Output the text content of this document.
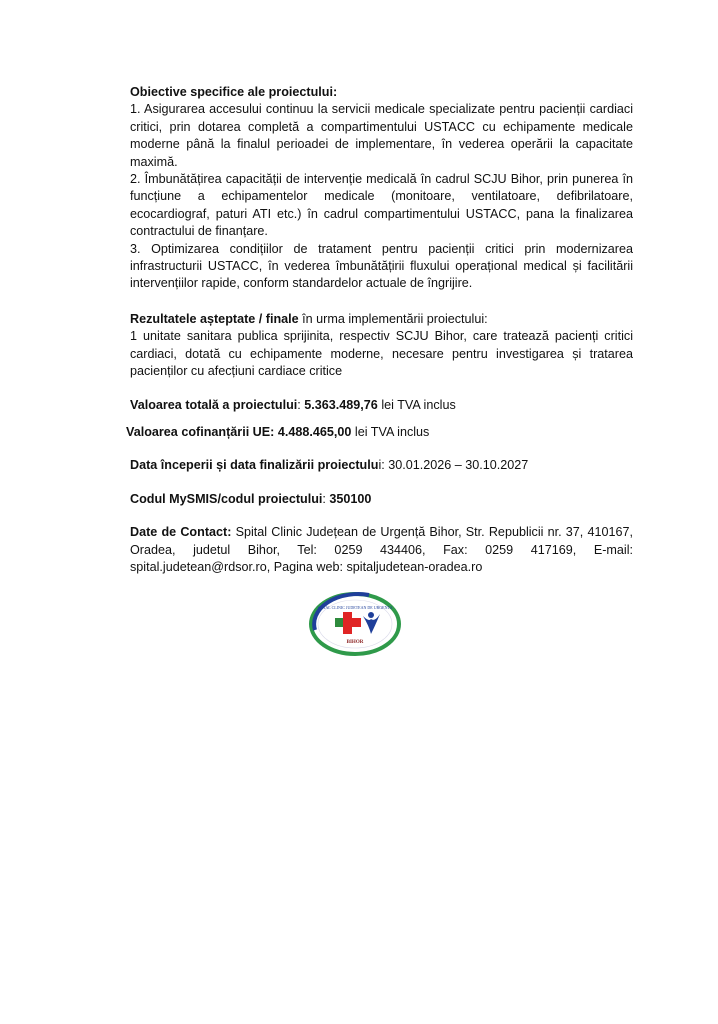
Obiective specifice ale proiectului:

1. Asigurarea accesului continuu la servicii medicale specializate pentru pacienții cardiaci critici, prin dotarea completă a compartimentului USTACC cu echipamente medicale moderne până la finalul perioadei de implementare, în vederea operării la capacitate maximă.

2. Îmbunătățirea capacității de intervenție medicală în cadrul SCJU Bihor, prin punerea în funcțiune a echipamentelor medicale (monitoare, ventilatoare, defibrilatoare, ecocardiograf, paturi ATI etc.) în cadrul compartimentului USTACC, pana la finalizarea contractului de finanțare.

3. Optimizarea condițiilor de tratament pentru pacienții critici prin modernizarea infrastructurii USTACC, în vederea îmbunătățirii fluxului operațional medical și facilitării intervențiilor rapide, conform standardelor actuale de îngrijire.

Rezultatele așteptate / finale în urma implementării proiectului:

1 unitate sanitara publica sprijinita, respectiv SCJU Bihor, care tratează pacienți critici cardiaci, dotată cu echipamente moderne, necesare pentru investigarea și tratarea pacienților cu afecțiuni cardiace critice

Valoarea totală a proiectului: 5.363.489,76 lei TVA inclus

Valoarea cofinanțării UE: 4.488.465,00 lei TVA inclus

Data începerii și data finalizării proiectului: 30.01.2026 – 30.10.2027

Codul MySMIS/codul proiectului: 350100

Date de Contact: Spital Clinic Județean de Urgență Bihor, Str. Republicii nr. 37, 410167, Oradea, judetul Bihor, Tel: 0259 434406, Fax: 0259 417169, E-mail: spital.judetean@rdsor.ro, Pagina web: spitaljudetean-oradea.ro

SPITAL CLINIC JUDETEAN DE URGENTA
BIHOR
